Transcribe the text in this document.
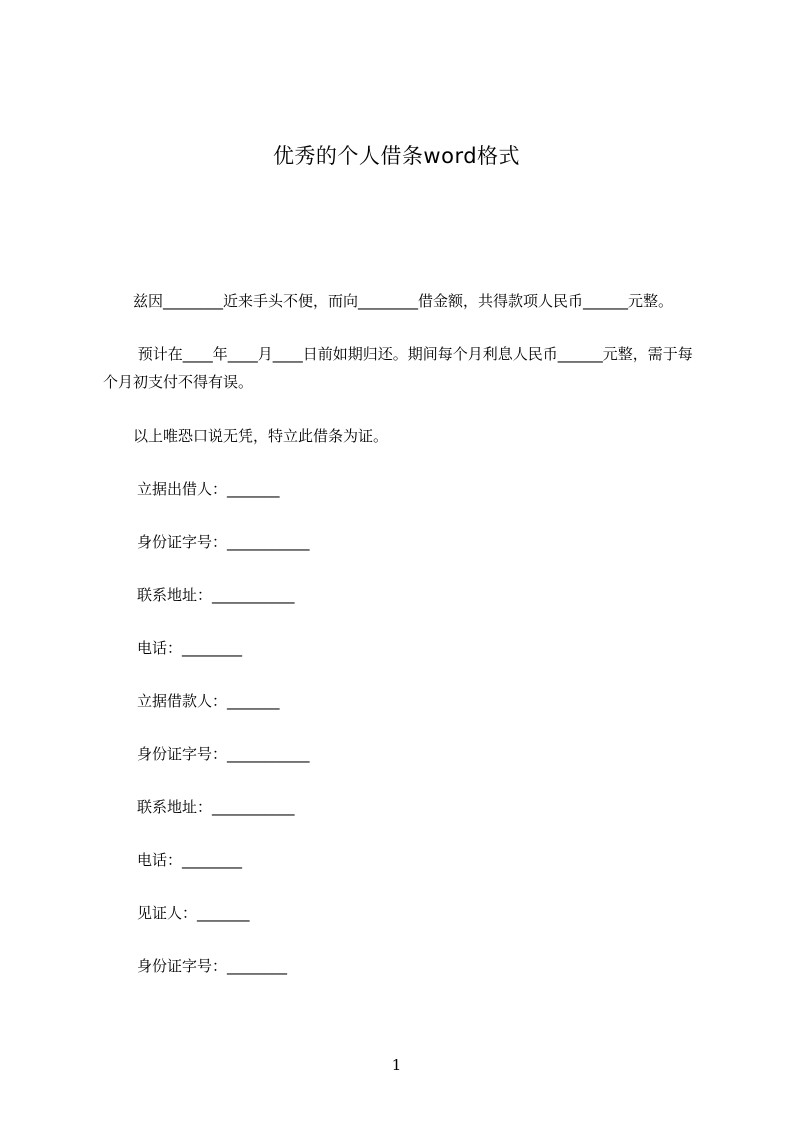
优秀的个人借条word格式
　　兹因________近来手头不便，而向________借金额，共得款项人民币______元整。
　　 预计在____年____月____日前如期归还。期间每个月利息人民币______元整，需于每个月初支付不得有误。
　　以上唯恐口说无凭，特立此借条为证。
立据出借人：_______
身份证字号：___________
联系地址：___________
电话：________
立据借款人：_______
身份证字号：___________
联系地址：___________
电话：________
见证人：_______
身份证字号：________
1
